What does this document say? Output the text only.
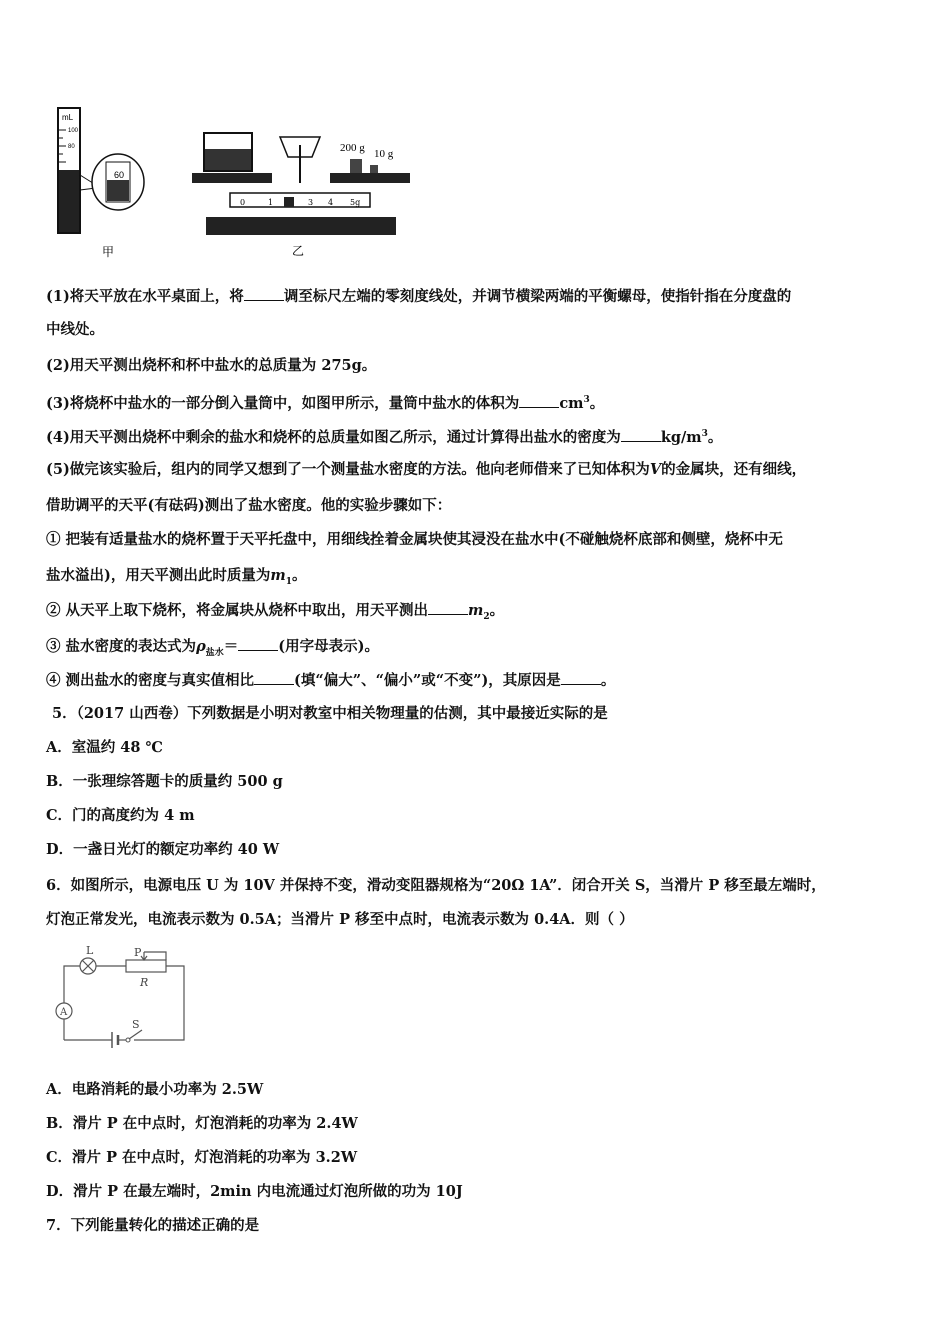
mL
100
80
60
甲
200 g 10 g
0	1	3 4 5g
乙
(1)将天平放在水平桌面上，将	调至标尺左端的零刻度线处，并调节横梁两端的平衡螺母，使指针指在分度盘的
中线处。
(2)用天平测出烧杯和杯中盐水的总质量为 275g。
(3)将烧杯中盐水的一部分倒入量筒中，如图甲所示，量筒中盐水的体积为	$cm^3$。
(4)用天平测出烧杯中剩余的盐水和烧杯的总质量如图乙所示，通过计算得出盐水的密度为	$kg/m^3$。
(5)做完该实验后，组内的同学又想到了一个测量盐水密度的方法。他向老师借来了已知体积为V的金属块，还有细线，
借助调平的天平(有砝码)测出了盐水密度。他的实验步骤如下：
① 把装有适量盐水的烧杯置于天平托盘中，用细线拴着金属块使其浸没在盐水中(不碰触烧杯底部和侧壁，烧杯中无
盐水溢出)，用天平测出此时质量为$m_1$。
② 从天平上取下烧杯，将金属块从烧杯中取出，用天平测出	$m_2$。
③ 盐水密度的表达式为$\rho_{盐水}=$	(用字母表示)。
④ 测出盐水的密度与真实值相比	(填“偏大”、“偏小”或“不变”)，其原因是	。
5．（2017 山西卷）下列数据是小明对教室中相关物理量的估测，其中最接近实际的是
A．室温约 48 ℃
B．一张理综答题卡的质量约 500 g
C．门的高度约为 4 m
D．一盏日光灯的额定功率约 40 W
6．如图所示，电源电压 U 为 10V 并保持不变，滑动变阻器规格为“20Ω 1A”．闭合开关 S，当滑片 P 移至最左端时，
灯泡正常发光，电流表示数为 0.5A；当滑片 P 移至中点时，电流表示数为 0.4A．则（ ）
L	P
R
A
S
A．电路消耗的最小功率为 2.5W
B．滑片 P 在中点时，灯泡消耗的功率为 2.4W
C．滑片 P 在中点时，灯泡消耗的功率为 3.2W
D．滑片 P 在最左端时，2min 内电流通过灯泡所做的功为 10J
7．下列能量转化的描述正确的是
